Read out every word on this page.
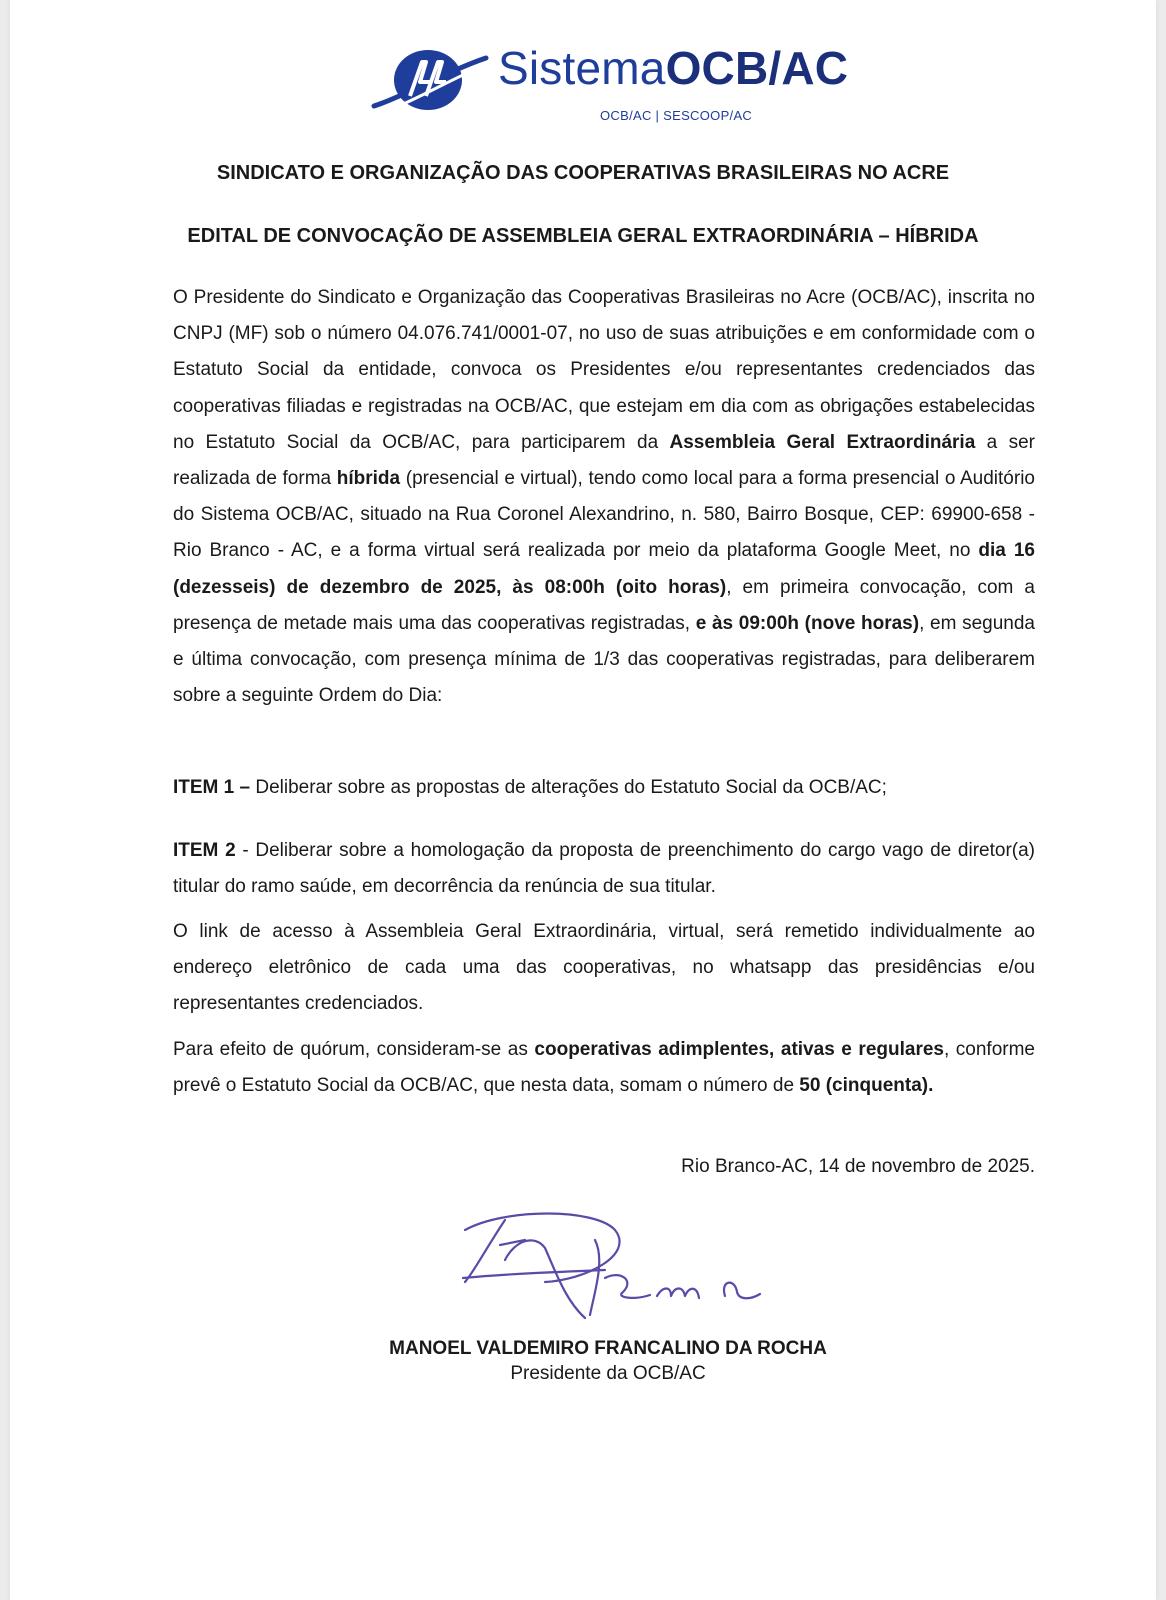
SistemaOCB/AC
OCB/AC | SESCOOP/AC
SINDICATO E ORGANIZAÇÃO DAS COOPERATIVAS BRASILEIRAS NO ACRE
EDITAL DE CONVOCAÇÃO DE ASSEMBLEIA GERAL EXTRAORDINÁRIA – HÍBRIDA

O Presidente do Sindicato e Organização das Cooperativas Brasileiras no Acre (OCB/AC), inscrita no CNPJ (MF) sob o número 04.076.741/0001-07, no uso de suas atribuições e em conformidade com o Estatuto Social da entidade, convoca os Presidentes e/ou representantes credenciados das cooperativas filiadas e registradas na OCB/AC, que estejam em dia com as obrigações estabelecidas no Estatuto Social da OCB/AC, para participarem da Assembleia Geral Extraordinária a ser realizada de forma híbrida (presencial e virtual), tendo como local para a forma presencial o Auditório do Sistema OCB/AC, situado na Rua Coronel Alexandrino, n. 580, Bairro Bosque, CEP: 69900-658 - Rio Branco - AC, e a forma virtual será realizada por meio da plataforma Google Meet, no dia 16 (dezesseis) de dezembro de 2025, às 08:00h (oito horas), em primeira convocação, com a presença de metade mais uma das cooperativas registradas, e às 09:00h (nove horas), em segunda e última convocação, com presença mínima de 1/3 das cooperativas registradas, para deliberarem sobre a seguinte Ordem do Dia:

ITEM 1 – Deliberar sobre as propostas de alterações do Estatuto Social da OCB/AC;

ITEM 2 - Deliberar sobre a homologação da proposta de preenchimento do cargo vago de diretor(a) titular do ramo saúde, em decorrência da renúncia de sua titular.

O link de acesso à Assembleia Geral Extraordinária, virtual, será remetido individualmente ao endereço eletrônico de cada uma das cooperativas, no whatsapp das presidências e/ou representantes credenciados.

Para efeito de quórum, consideram-se as cooperativas adimplentes, ativas e regulares, conforme prevê o Estatuto Social da OCB/AC, que nesta data, somam o número de 50 (cinquenta).

Rio Branco-AC, 14 de novembro de 2025.
MANOEL VALDEMIRO FRANCALINO DA ROCHA
Presidente da OCB/AC
